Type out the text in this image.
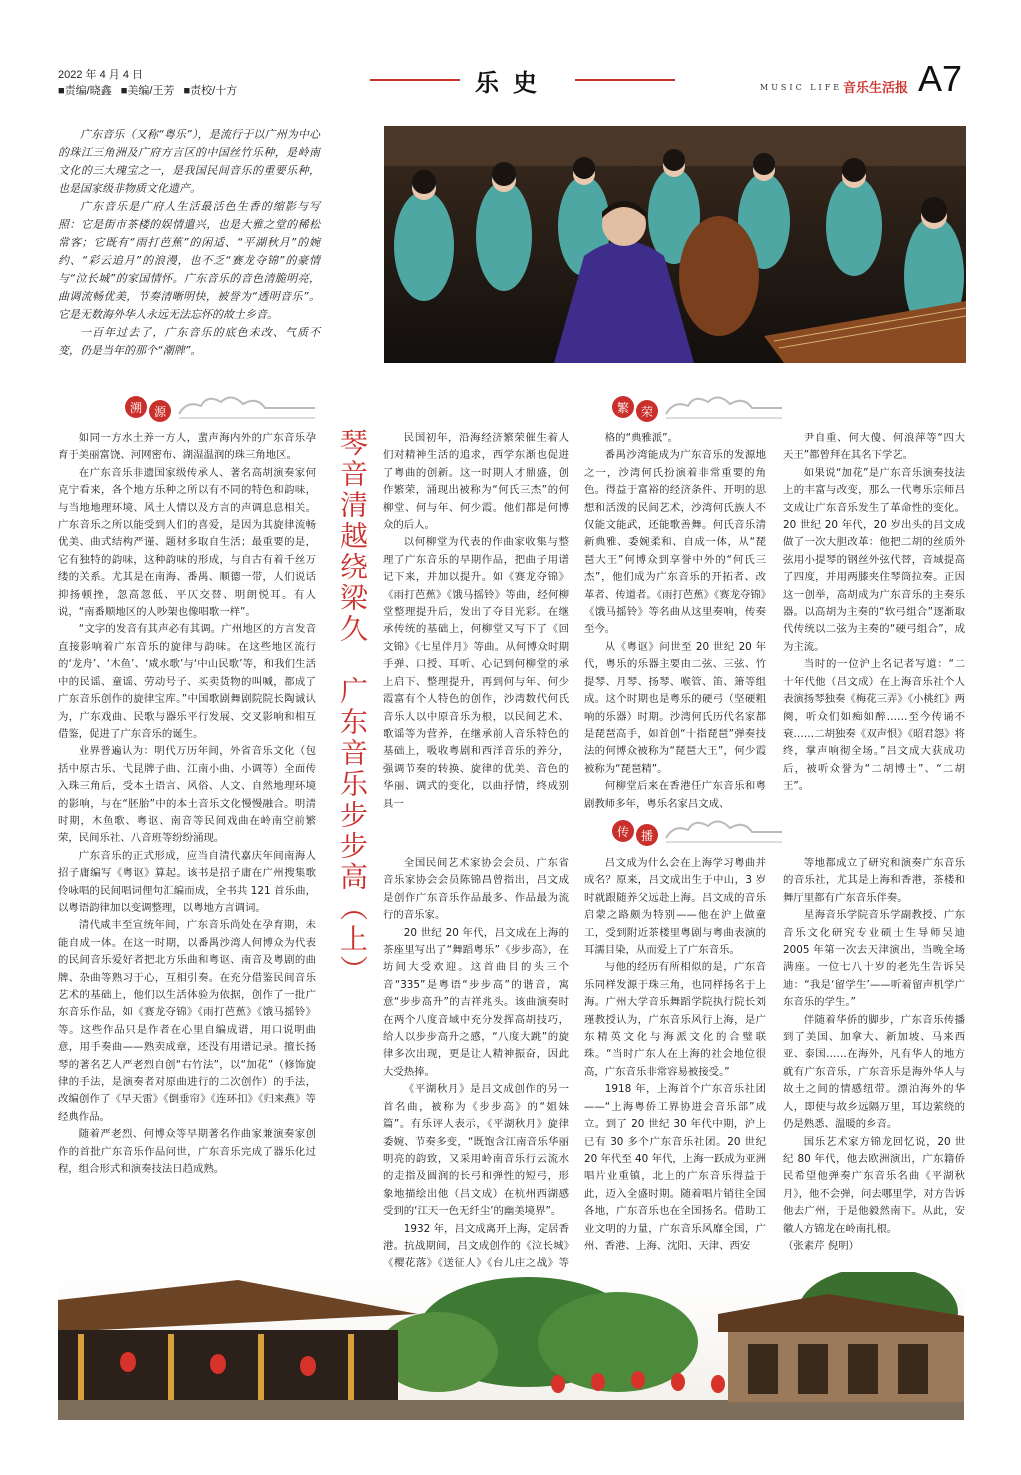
2022 年 4 月 4 日
■责编/晓鑫 ■美编/王芳 ■责校/十方	乐史	MUSIC LIFE 音乐生活报 A7

广东音乐（又称“粤乐”），是流行于以广州为中心的珠江三角洲及广府方言区的中国丝竹乐种，是岭南文化的三大瑰宝之一，是我国民间音乐的重要乐种，也是国家级非物质文化遗产。

广东音乐是广府人生活最活色生香的缩影与写照：它是街市茶楼的娱情遣兴，也是大雅之堂的稀松常客；它既有“雨打芭蕉”的闲适、“平湖秋月”的婉约、“彩云追月”的浪漫，也不乏“赛龙夺锦”的豪情与“泣长城”的家国情怀。广东音乐的音色清脆明亮，曲调流畅优美，节奏清晰明快，被誉为“透明音乐”。它是无数海外华人永远无法忘怀的故土乡音。

一百年过去了，广东音乐的底色未改、气质不变，仍是当年的那个“潮牌”。

溯 源	繁 荣
传 播
琴音清越绕梁久　广东音乐步步高（上）

如同一方水土养一方人，蜚声海内外的广东音乐孕育于美丽富饶、河网密布、湖湿温润的珠三角地区。

在广东音乐非遗国家级传承人、著名高胡演奏家何克宁看来，各个地方乐种之所以有不同的特色和韵味，与当地地理环境、风土人情以及方言的声调息息相关。广东音乐之所以能受到人们的喜爱，是因为其旋律流畅优美、曲式结构严谨、题材多取自生活；最重要的是，它有独特的韵味，这种韵味的形成，与自古有着千丝万缕的关系。尤其是在南海、番禺、顺德一带，人们说话抑扬顿挫，忽高忽低、平仄交替、明朗悦耳。有人说，“南番顺地区的人吵架也像唱歌一样”。

“文字的发音有其声必有其调。广州地区的方言发音直接影响着广东音乐的旋律与韵味。在这些地区流行的‘龙舟’、‘木鱼’、‘咸水歌’与‘中山民歌’等，和我们生活中的民谣、童谣、劳动号子、买卖货物的叫喊，都成了广东音乐创作的旋律宝库。”中国歌剧舞剧院院长陶诚认为，广东戏曲、民歌与器乐平行发展、交叉影响和相互借鉴，促进了广东音乐的诞生。

业界普遍认为：明代万历年间，外省音乐文化（包括中原古乐、弋昆牌子曲、江南小曲、小调等）全面传入珠三角后，受本土语言、风俗、人文、自然地理环境的影响，与在“胚胎”中的本土音乐文化慢慢融合。明清时期，木鱼歌、粤讴、南音等民间戏曲在岭南空前繁荣，民间乐社、八音班等纷纷涌现。

广东音乐的正式形成，应当自清代嘉庆年间南海人招子庸编写《粤讴》算起。该书是招子庸在广州搜集歌伶咏唱的民间唱词俚句汇编而成，全书共 121 首乐曲，以粤语韵律加以变调整理，以粤地方言调词。

清代咸丰至宣统年间，广东音乐尚处在孕育期，未能自成一体。在这一时期，以番禺沙湾人何博众为代表的民间音乐爱好者把北方乐曲和粤讴、南音及粤剧的曲牌、杂曲等熟习于心，互相引奏。在充分借鉴民间音乐艺术的基础上，他们以生活体验为依据，创作了一批广东音乐作品，如《赛龙夺锦》《雨打芭蕉》《饿马摇铃》等。这些作品只是作者在心里自编成谱，用口说明曲意，用手奏曲——熟卖成章，还没有用谱记录。擅长扬琴的著名艺人严老烈自创“右竹法”，以“加花”（修饰旋律的手法，是演奏者对原曲进行的二次创作）的手法，改编创作了《早天雷》《倒垂帘》《连环扣》《归来燕》等经典作品。

随着严老烈、何博众等早期著名作曲家兼演奏家创作的首批广东音乐作品问世，广东音乐完成了器乐化过程，组合形式和演奏技法日趋成熟。

民国初年，沿海经济繁荣催生着人们对精神生活的追求，西学东渐也促进了粤曲的创新。这一时期人才鼎盛，创作繁荣，涌现出被称为“何氏三杰”的何柳堂、何与年、何少霞。他们都是何博众的后人。

以何柳堂为代表的作曲家收集与整理了广东音乐的早期作品，把曲子用谱记下来，并加以提升。如《赛龙夺锦》《雨打芭蕉》《饿马摇铃》等曲，经何柳堂整理提升后，发出了夺目光彩。在继承传统的基础上，何柳堂又写下了《回文锦》《七星伴月》等曲。从何博众时期手弹、口授、耳听、心记到何柳堂的承上启下、整理提升，再到何与年、何少霞富有个人特色的创作，沙湾数代何氏音乐人以中原音乐为根，以民间艺术、歌谣等为营养，在继承前人音乐特色的基础上，吸收粤剧和西洋音乐的养分，强调节奏的转换、旋律的优美、音色的华丽、调式的变化，以曲抒情，终成别具一

格的“典雅派”。

番禺沙湾能成为广东音乐的发源地之一，沙湾何氏扮演着非常重要的角色。得益于富裕的经济条件、开明的思想和活泼的民间艺术，沙湾何氏族人不仅能文能武，还能歌善舞。何氏音乐清新典雅、委婉柔和、自成一体，从“琵琶大王”何博众到享誉中外的“何氏三杰”，他们成为广东音乐的开拓者、改革者、传道者。《雨打芭蕉》《赛龙夺锦》《饿马摇铃》等名曲从这里奏响，传奏至今。

从《粤讴》问世至 20 世纪 20 年代，粤乐的乐器主要由二弦、三弦、竹提琴、月琴、扬琴、喉管、笛、箫等组成。这个时期也是粤乐的硬弓（坚硬粗响的乐器）时期。沙湾何氏历代名家都是琵琶高手，如首创“十指琵琶”弹奏技法的何博众被称为“琵琶大王”，何少霞被称为“琵琶精”。

何柳堂后来在香港任广东音乐和粤剧教师多年，粤乐名家吕文成、

尹自重、何大傻、何浪萍等“四大天王”都曾拜在其名下学艺。

如果说“加花”是广东音乐演奏技法上的丰富与改变，那么一代粤乐宗师吕文成让广东音乐发生了革命性的变化。20 世纪 20 年代，20 岁出头的吕文成做了一次大胆改革：他把二胡的丝质外弦用小提琴的钢丝外弦代替，音域提高了四度，并用两膝夹住琴筒拉奏。正因这一创举，高胡成为广东音乐的主奏乐器。以高胡为主奏的“软弓组合”逐渐取代传统以二弦为主奏的“硬弓组合”，成为主流。

当时的一位沪上名记者写道：“二十年代他（吕文成）在上海音乐社个人表演扬琴独奏《梅花三弄》《小桃红》两阕，听众们如痴如醉……至今传诵不衰……二胡独奏《双声恨》《昭君怨》将终，掌声响彻全场。”吕文成大获成功后，被听众誉为“二胡博士”、“二胡王”。

全国民间艺术家协会会员、广东省音乐家协会会员陈锦昌曾指出，吕文成是创作广东音乐作品最多、作品最为流行的音乐家。

20 世纪 20 年代，吕文成在上海的茶座里写出了“舞蹈粤乐”《步步高》，在坊间大受欢迎。这首曲目的头三个音“335”是粤语“步步高”的谐音，寓意“步步高升”的吉祥兆头。该曲演奏时在两个八度音域中充分发挥高胡技巧，给人以步步高升之感，“八度大跳”的旋律多次出现，更是让人精神振奋，因此大受热捧。

《平湖秋月》是吕文成创作的另一首名曲，被称为《步步高》的“姐妹篇”。有乐评人表示，《平湖秋月》旋律委婉、节奏多变，“既饱含江南音乐华丽明亮的韵致，又采用岭南音乐行云流水的走指及圆润的长弓和弹性的短弓，形象地描绘出他（吕文成）在杭州西湖感受到的‘江天一色无纤尘’的幽美境界”。

1932 年，吕文成离开上海，定居香港。抗战期间，吕文成创作的《泣长城》《樱花落》《送征人》《台儿庄之战》等

吕文成为什么会在上海学习粤曲并成名？原来，吕文成出生于中山，3 岁时就跟随养父远赴上海。吕文成的音乐启蒙之路颇为特别——他在沪上做童工，受到附近茶楼里粤剧与粤曲表演的耳濡目染，从而爱上了广东音乐。

与他的经历有所相似的是，广东音乐同样发源于珠三角，也同样扬名于上海。广州大学音乐舞蹈学院执行院长刘瑾教授认为，广东音乐风行上海，是广东精英文化与海派文化的合璧联珠。“当时广东人在上海的社会地位很高，广东音乐非常容易被接受。”

1918 年，上海首个广东音乐社团——“上海粤侨工界协进会音乐部”成立。到了 20 世纪 30 年代中期，沪上已有 30 多个广东音乐社团。20 世纪 20 年代至 40 年代，上海一跃成为亚洲唱片业重镇，北上的广东音乐得益于此，迈入全盛时期。随着唱片销往全国各地，广东音乐也在全国扬名。借助工业文明的力量，广东音乐风靡全国，广州、香港、上海、沈阳、天津、西安

等地都成立了研究和演奏广东音乐的音乐社，尤其是上海和香港，茶楼和舞厅里都有广东音乐伴奏。

星海音乐学院音乐学副教授、广东音乐文化研究专业硕士生导师吴迪 2005 年第一次去天津演出，当晚全场满座。一位七八十岁的老先生告诉吴迪：“我是‘留学生’——听着留声机学广东音乐的学生。”

伴随着华侨的脚步，广东音乐传播到了美国、加拿大、新加坡、马来西亚、泰国……在海外，凡有华人的地方就有广东音乐，广东音乐是海外华人与故土之间的情感纽带。漂泊海外的华人，即使与故乡远隔万里，耳边萦绕的仍是熟悉、温暖的乡音。

国乐艺术家方锦龙回忆说，20 世纪 80 年代，他去欧洲演出，广东籍侨民希望他弹奏广东音乐名曲《平湖秋月》，他不会弹，问去哪里学，对方告诉他去广州，于是他毅然南下。从此，安徽人方锦龙在岭南扎根。

（张素芹 倪明）
